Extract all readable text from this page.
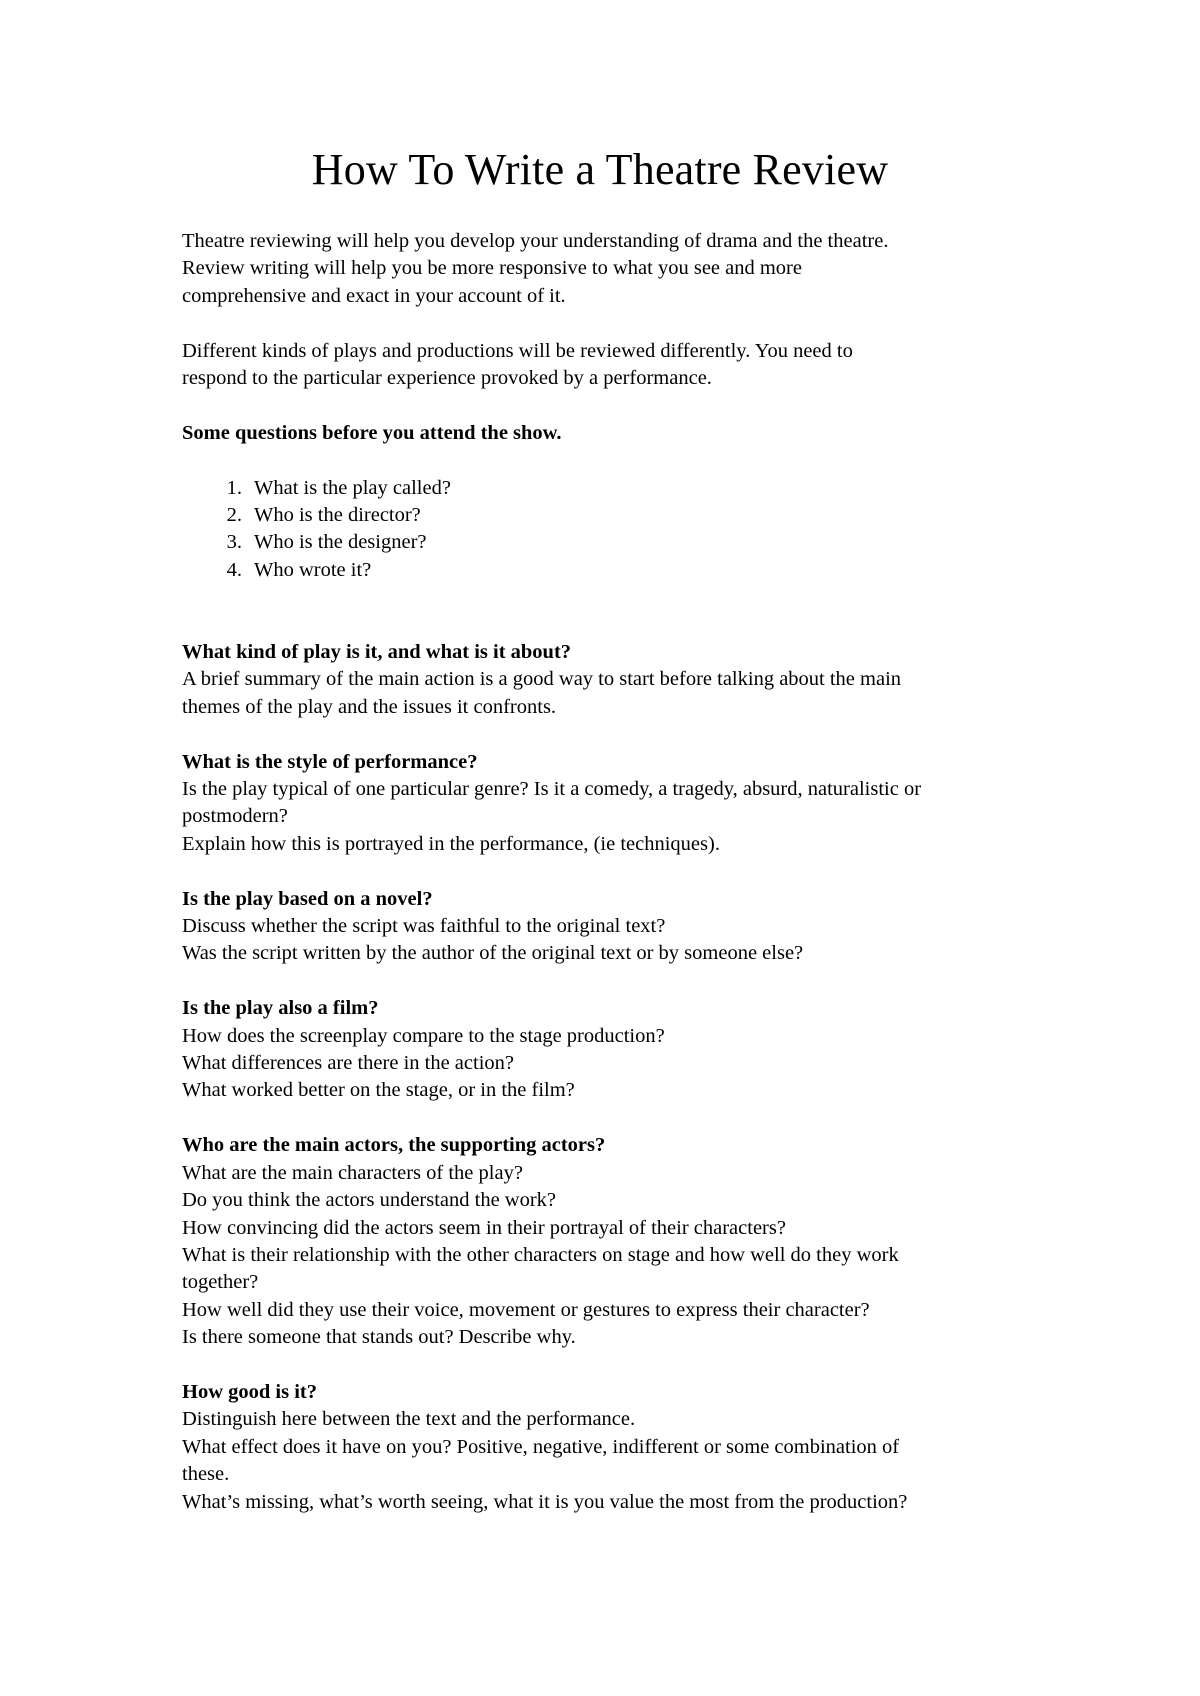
How To Write a Theatre Review

Theatre reviewing will help you develop your understanding of drama and the theatre.

Review writing will help you be more responsive to what you see and more

comprehensive and exact in your account of it.

Different kinds of plays and productions will be reviewed differently. You need to

respond to the particular experience provoked by a performance.

Some questions before you attend the show.

1. What is the play called?
2. Who is the director?
3. Who is the designer?
4. Who wrote it?

What kind of play is it, and what is it about?

A brief summary of the main action is a good way to start before talking about the main

themes of the play and the issues it confronts.

What is the style of performance?

Is the play typical of one particular genre? Is it a comedy, a tragedy, absurd, naturalistic or

postmodern?

Explain how this is portrayed in the performance, (ie techniques).

Is the play based on a novel?

Discuss whether the script was faithful to the original text?

Was the script written by the author of the original text or by someone else?

Is the play also a film?

How does the screenplay compare to the stage production?

What differences are there in the action?

What worked better on the stage, or in the film?

Who are the main actors, the supporting actors?

What are the main characters of the play?

Do you think the actors understand the work?

How convincing did the actors seem in their portrayal of their characters?

What is their relationship with the other characters on stage and how well do they work

together?

How well did they use their voice, movement or gestures to express their character?

Is there someone that stands out? Describe why.

How good is it?

Distinguish here between the text and the performance.

What effect does it have on you? Positive, negative, indifferent or some combination of

these.

What’s missing, what’s worth seeing, what it is you value the most from the production?
